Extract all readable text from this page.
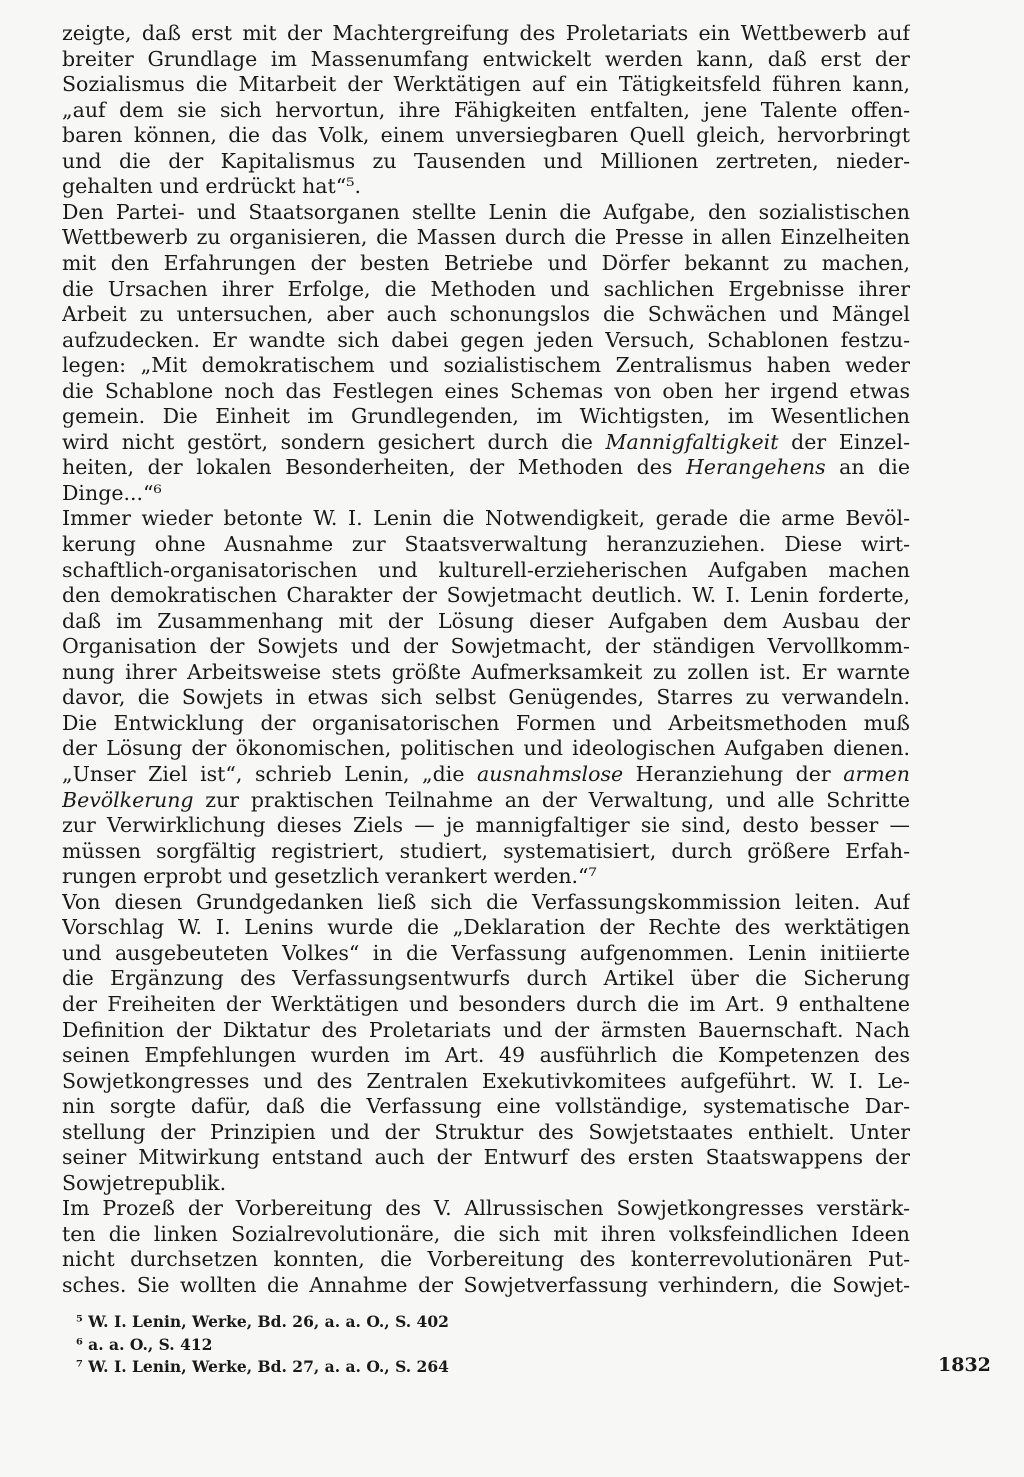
zeigte, daß erst mit der Machtergreifung des Proletariats ein Wettbewerb auf
breiter Grundlage im Massenumfang entwickelt werden kann, daß erst der
Sozialismus die Mitarbeit der Werktätigen auf ein Tätigkeitsfeld führen kann,
„auf dem sie sich hervortun, ihre Fähigkeiten entfalten, jene Talente offen-
baren können, die das Volk, einem unversiegbaren Quell gleich, hervorbringt
und die der Kapitalismus zu Tausenden und Millionen zertreten, nieder-
gehalten und erdrückt hat“⁵.
Den Partei- und Staatsorganen stellte Lenin die Aufgabe, den sozialistischen
Wettbewerb zu organisieren, die Massen durch die Presse in allen Einzelheiten
mit den Erfahrungen der besten Betriebe und Dörfer bekannt zu machen,
die Ursachen ihrer Erfolge, die Methoden und sachlichen Ergebnisse ihrer
Arbeit zu untersuchen, aber auch schonungslos die Schwächen und Mängel
aufzudecken. Er wandte sich dabei gegen jeden Versuch, Schablonen festzu-
legen: „Mit demokratischem und sozialistischem Zentralismus haben weder
die Schablone noch das Festlegen eines Schemas von oben her irgend etwas
gemein. Die Einheit im Grundlegenden, im Wichtigsten, im Wesentlichen
wird nicht gestört, sondern gesichert durch die Mannigfaltigkeit der Einzel-
heiten, der lokalen Besonderheiten, der Methoden des Herangehens an die
Dinge...“⁶
Immer wieder betonte W. I. Lenin die Notwendigkeit, gerade die arme Bevöl-
kerung ohne Ausnahme zur Staatsverwaltung heranzuziehen. Diese wirt-
schaftlich-organisatorischen und kulturell-erzieherischen Aufgaben machen
den demokratischen Charakter der Sowjetmacht deutlich. W. I. Lenin forderte,
daß im Zusammenhang mit der Lösung dieser Aufgaben dem Ausbau der
Organisation der Sowjets und der Sowjetmacht, der ständigen Vervollkomm-
nung ihrer Arbeitsweise stets größte Aufmerksamkeit zu zollen ist. Er warnte
davor, die Sowjets in etwas sich selbst Genügendes, Starres zu verwandeln.
Die Entwicklung der organisatorischen Formen und Arbeitsmethoden muß
der Lösung der ökonomischen, politischen und ideologischen Aufgaben dienen.
„Unser Ziel ist“, schrieb Lenin, „die ausnahmslose Heranziehung der armen
Bevölkerung zur praktischen Teilnahme an der Verwaltung, und alle Schritte
zur Verwirklichung dieses Ziels — je mannigfaltiger sie sind, desto besser —
müssen sorgfältig registriert, studiert, systematisiert, durch größere Erfah-
rungen erprobt und gesetzlich verankert werden.“⁷
Von diesen Grundgedanken ließ sich die Verfassungskommission leiten. Auf
Vorschlag W. I. Lenins wurde die „Deklaration der Rechte des werktätigen
und ausgebeuteten Volkes“ in die Verfassung aufgenommen. Lenin initiierte
die Ergänzung des Verfassungsentwurfs durch Artikel über die Sicherung
der Freiheiten der Werktätigen und besonders durch die im Art. 9 enthaltene
Definition der Diktatur des Proletariats und der ärmsten Bauernschaft. Nach
seinen Empfehlungen wurden im Art. 49 ausführlich die Kompetenzen des
Sowjetkongresses und des Zentralen Exekutivkomitees aufgeführt. W. I. Le-
nin sorgte dafür, daß die Verfassung eine vollständige, systematische Dar-
stellung der Prinzipien und der Struktur des Sowjetstaates enthielt. Unter
seiner Mitwirkung entstand auch der Entwurf des ersten Staatswappens der
Sowjetrepublik.
Im Prozeß der Vorbereitung des V. Allrussischen Sowjetkongresses verstärk-
ten die linken Sozialrevolutionäre, die sich mit ihren volksfeindlichen Ideen
nicht durchsetzen konnten, die Vorbereitung des konterrevolutionären Put-
sches. Sie wollten die Annahme der Sowjetverfassung verhindern, die Sowjet-
⁵ W. I. Lenin, Werke, Bd. 26, a. a. O., S. 402
⁶ a. a. O., S. 412
⁷ W. I. Lenin, Werke, Bd. 27, a. a. O., S. 264	1832
